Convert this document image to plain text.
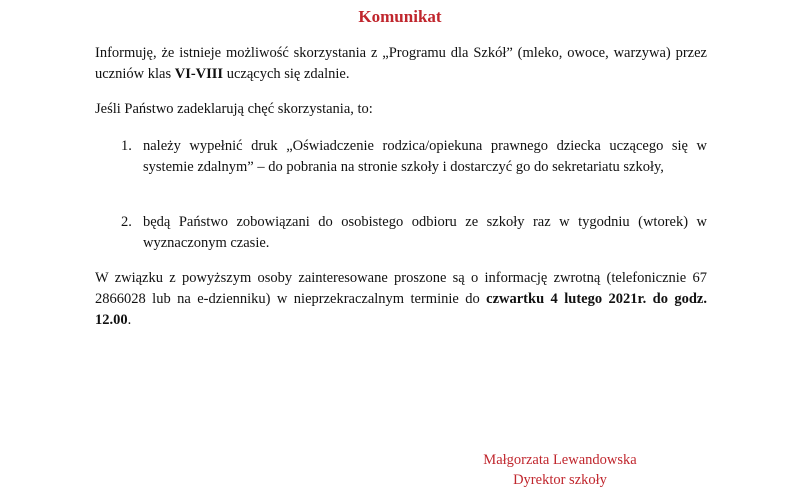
Komunikat

Informuję, że istnieje możliwość skorzystania z „Programu dla Szkół” (mleko, owoce, warzywa) przez uczniów klas VI-VIII uczących się zdalnie.

Jeśli Państwo zadeklarują chęć skorzystania, to:

1. należy wypełnić druk „Oświadczenie rodzica/opiekuna prawnego dziecka uczącego się w systemie zdalnym” – do pobrania na stronie szkoły i dostarczyć go do sekretariatu szkoły,
2. będą Państwo zobowiązani do osobistego odbioru ze szkoły raz w tygodniu (wtorek) w wyznaczonym czasie.

W związku z powyższym osoby zainteresowane proszone są o informację zwrotną (telefonicznie 67 2866028 lub na e-dzienniku) w nieprzekraczalnym terminie do czwartku 4 lutego 2021r. do godz. 12.00.

Małgorzata Lewandowska
Dyrektor szkoły
